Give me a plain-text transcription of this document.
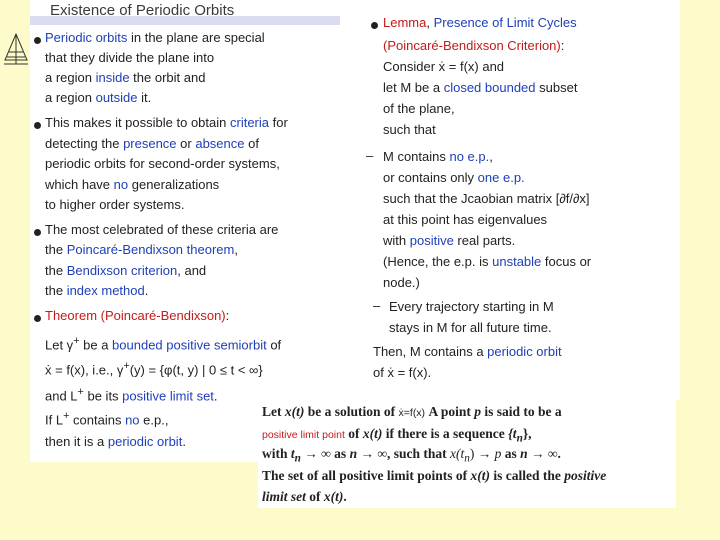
Existence of Periodic Orbits
Periodic orbits in the plane are special
that they divide the plane into
a region inside the orbit and
a region outside it.
This makes it possible to obtain criteria for
detecting the presence or absence of
periodic orbits for second-order systems,
which have no generalizations
to higher order systems.
The most celebrated of these criteria are
the Poincaré-Bendixson theorem,
the Bendixson criterion, and
the index method.
Theorem (Poincaré-Bendixson):
Let γ+ be a bounded positive semiorbit of
ẋ = f(x), i.e., γ+(y) = {φ(t, y) | 0 ≤ t < ∞}
and L+ be its positive limit set.
If L+ contains no e.p.,
then it is a periodic orbit.
Lemma, Presence of Limit Cycles
(Poincaré-Bendixson Criterion):
Consider ẋ = f(x) and
let M be a closed bounded subset
of the plane,
such that
– M contains no e.p.,
or contains only one e.p.
such that the Jcaobian matrix [∂f/∂x]
at this point has eigenvalues
with positive real parts.
(Hence, the e.p. is unstable focus or
node.)
– Every trajectory starting in M
stays in M for all future time.
Then, M contains a periodic orbit
of ẋ = f(x).
Let x(t) be a solution of ẋ=f(x) A point p is said to be a
positive limit point of x(t) if there is a sequence $\{t_n\}$,
with $t_n$ → ∞ as n → ∞, such that $x(t_n) \to p$ as n → ∞.
The set of all positive limit points of x(t) is called the positive
limit set of x(t).
